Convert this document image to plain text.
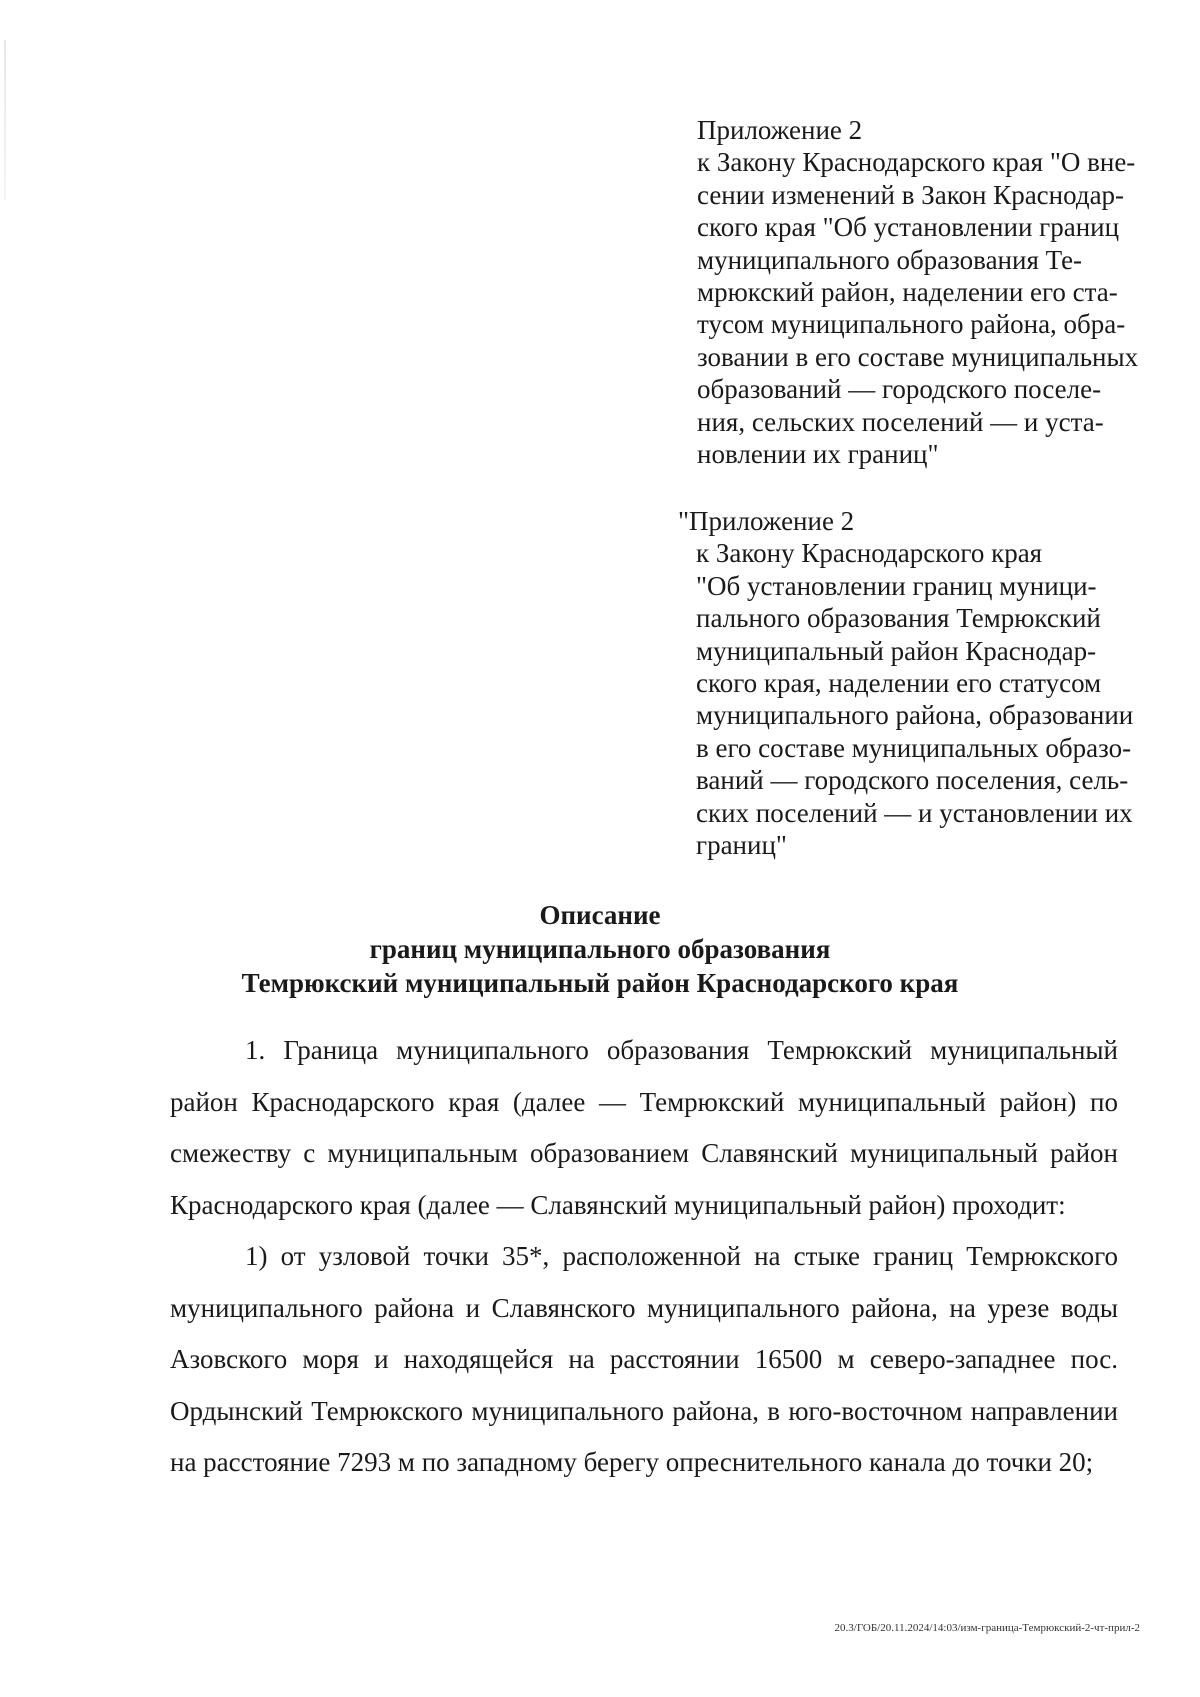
Приложение 2
к Закону Краснодарского края "О вне-
сении изменений в Закон Краснодар-
ского края "Об установлении границ
муниципального образования Те-
мрюкский район, наделении его ста-
тусом муниципального района, обра-
зовании в его составе муниципальных
образований — городского поселе-
ния, сельских поселений — и уста-
новлении их границ"
"Приложение 2
к Закону Краснодарского края
"Об установлении границ муници-
пального образования Темрюкский
муниципальный район Краснодар-
ского края, наделении его статусом
муниципального района, образовании
в его составе муниципальных образо-
ваний — городского поселения, сель-
ских поселений — и установлении их
границ"
Описание
границ муниципального образования
Темрюкский муниципальный район Краснодарского края

1. Граница муниципального образования Темрюкский муниципальный район Краснодарского края (далее — Темрюкский муниципальный район) по смежеству с муниципальным образованием Славянский муниципальный район Краснодарского края (далее — Славянский муниципальный район) проходит:

1) от узловой точки 35*, расположенной на стыке границ Темрюкского муниципального района и Славянского муниципального района, на урезе воды Азовского моря и находящейся на расстоянии 16500 м северо-западнее пос. Ордынский Темрюкского муниципального района, в юго-восточном направлении на расстояние 7293 м по западному берегу опреснительного канала до точки 20;

20.3/ГОБ/20.11.2024/14:03/изм-граница-Темрюкский-2-чт-прил-2
